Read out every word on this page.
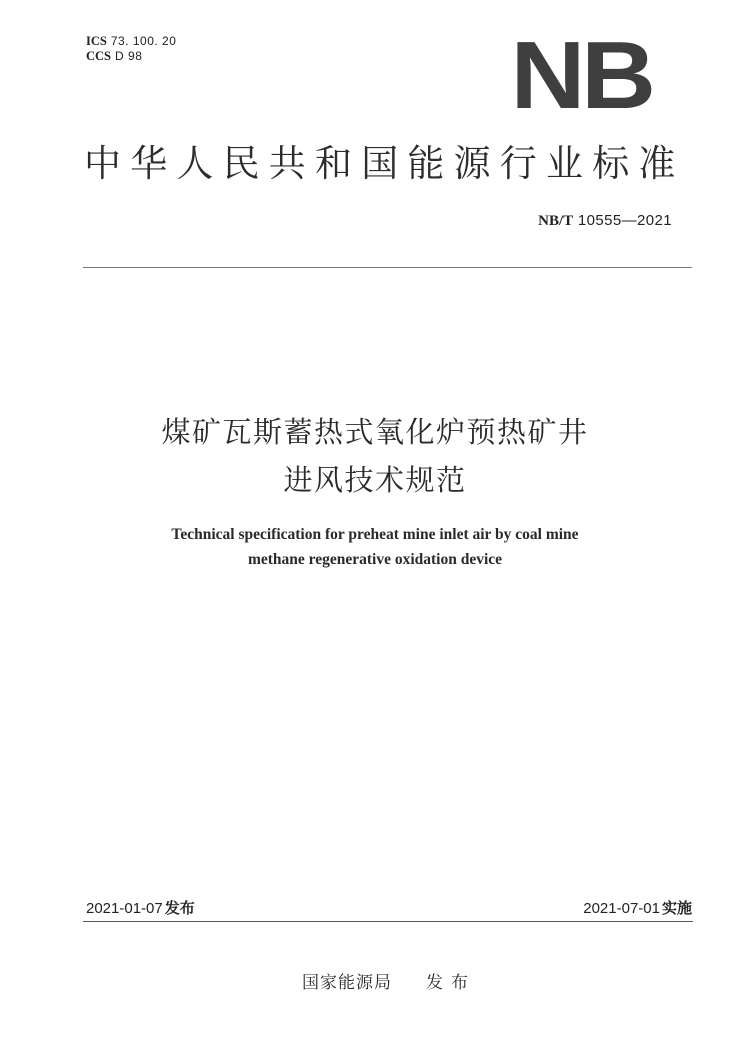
ICS 73. 100. 20
CCS D 98	NB
中华人民共和国能源行业标准
NB/T 10555—2021
煤矿瓦斯蓄热式氧化炉预热矿井
进风技术规范
Technical specification for preheat mine inlet air by coal mine
methane regenerative oxidation device
2021-01-07 发布	2021-07-01 实施
国家能源局 发布
